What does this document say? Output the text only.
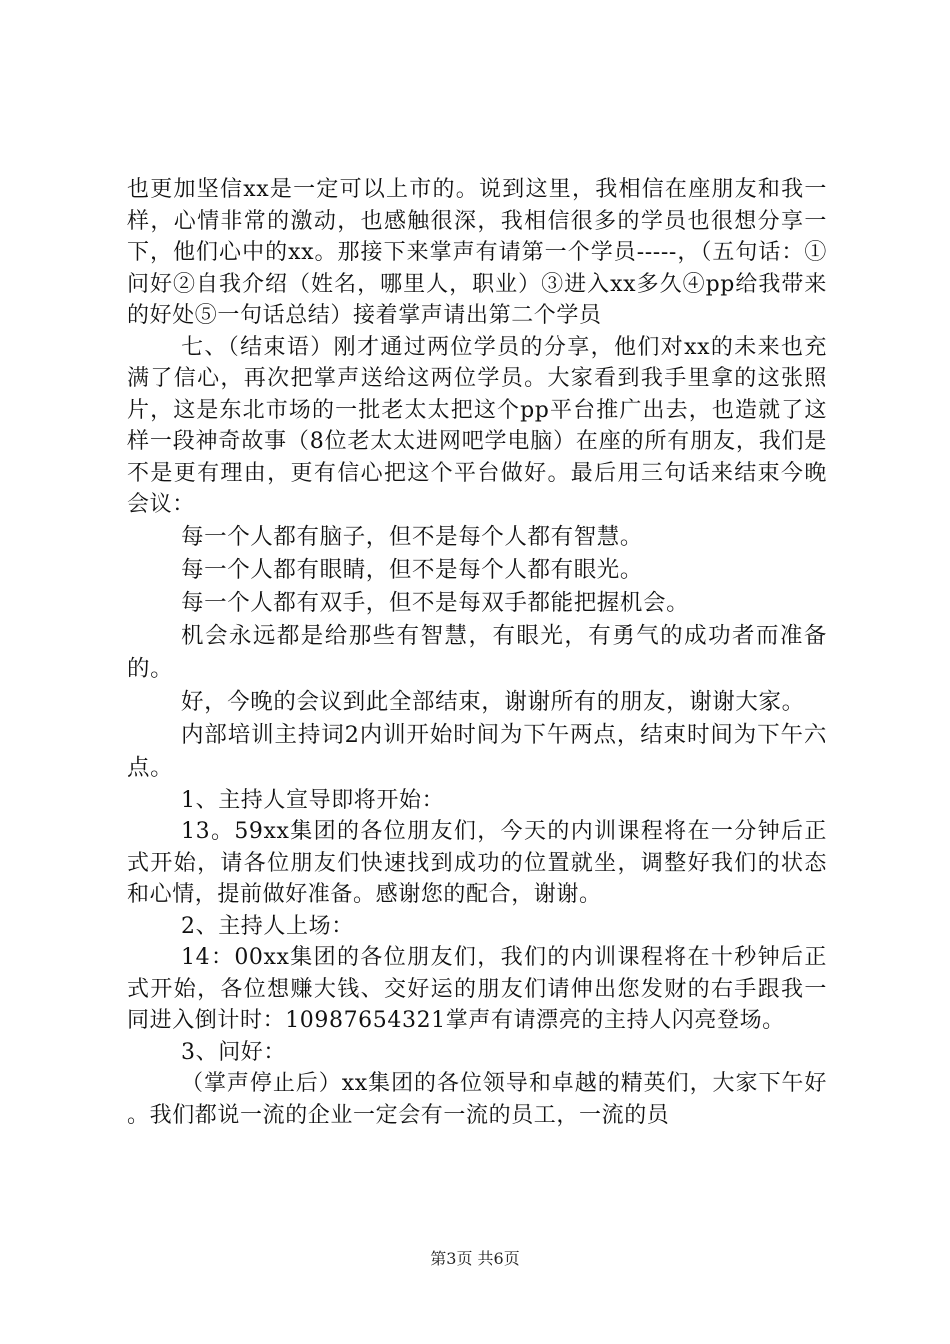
也更加坚信xx是一定可以上市的。说到这里，我相信在座朋友和我一样，心情非常的激动，也感触很深，我相信很多的学员也很想分享一下，他们心中的xx。那接下来掌声有请第一个学员-----，（五句话：①问好②自我介绍（姓名，哪里人，职业）③进入xx多久④pp给我带来的好处⑤一句话总结）接着掌声请出第二个学员

七、（结束语）刚才通过两位学员的分享，他们对xx的未来也充满了信心，再次把掌声送给这两位学员。大家看到我手里拿的这张照片，这是东北市场的一批老太太把这个pp平台推广出去，也造就了这样一段神奇故事（8位老太太进网吧学电脑）在座的所有朋友，我们是不是更有理由，更有信心把这个平台做好。最后用三句话来结束今晚会议：

每一个人都有脑子，但不是每个人都有智慧。

每一个人都有眼睛，但不是每个人都有眼光。

每一个人都有双手，但不是每双手都能把握机会。

机会永远都是给那些有智慧，有眼光，有勇气的成功者而准备的。

好，今晚的会议到此全部结束，谢谢所有的朋友，谢谢大家。

内部培训主持词2内训开始时间为下午两点，结束时间为下午六点。

1、主持人宣导即将开始：

13。59xx集团的各位朋友们，今天的内训课程将在一分钟后正式开始，请各位朋友们快速找到成功的位置就坐，调整好我们的状态和心情，提前做好准备。感谢您的配合，谢谢。

2、主持人上场：

14：00xx集团的各位朋友们，我们的内训课程将在十秒钟后正式开始，各位想赚大钱、交好运的朋友们请伸出您发财的右手跟我一同进入倒计时：10987654321掌声有请漂亮的主持人闪亮登场。

3、问好：

（掌声停止后）xx集团的各位领导和卓越的精英们，大家下午好。我们都说一流的企业一定会有一流的员工，一流的员

第3页 共6页
